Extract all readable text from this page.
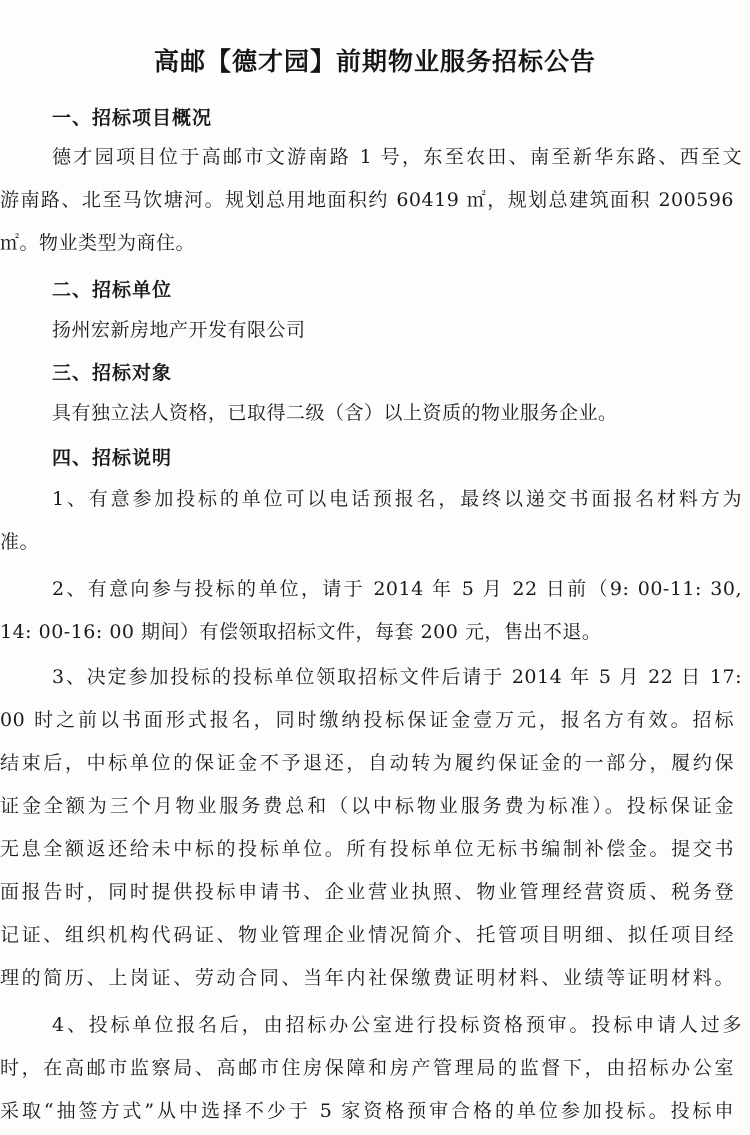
高邮【德才园】前期物业服务招标公告
一、招标项目概况
德才园项目位于高邮市文游南路 1 号，东至农田、南至新华东路、西至文
游南路、北至马饮塘河。规划总用地面积约 60419 ㎡，规划总建筑面积 200596
㎡。物业类型为商住。
二、招标单位
扬州宏新房地产开发有限公司
三、招标对象
具有独立法人资格，已取得二级（含）以上资质的物业服务企业。
四、招标说明
1、有意参加投标的单位可以电话预报名，最终以递交书面报名材料方为
准。
2、有意向参与投标的单位，请于 2014 年 5 月 22 日前（9: 00-11: 30,
14: 00-16: 00 期间）有偿领取招标文件，每套 200 元，售出不退。
3、决定参加投标的投标单位领取招标文件后请于 2014 年 5 月 22 日 17:
00 时之前以书面形式报名，同时缴纳投标保证金壹万元，报名方有效。招标
结束后，中标单位的保证金不予退还，自动转为履约保证金的一部分，履约保
证金全额为三个月物业服务费总和（以中标物业服务费为标准）。投标保证金
无息全额返还给未中标的投标单位。所有投标单位无标书编制补偿金。提交书
面报告时，同时提供投标申请书、企业营业执照、物业管理经营资质、税务登
记证、组织机构代码证、物业管理企业情况简介、托管项目明细、拟任项目经
理的简历、上岗证、劳动合同、当年内社保缴费证明材料、业绩等证明材料。
4、投标单位报名后，由招标办公室进行投标资格预审。投标申请人过多
时，在高邮市监察局、高邮市住房保障和房产管理局的监督下，由招标办公室
采取“抽签方式”从中选择不少于 5 家资格预审合格的单位参加投标。投标申
